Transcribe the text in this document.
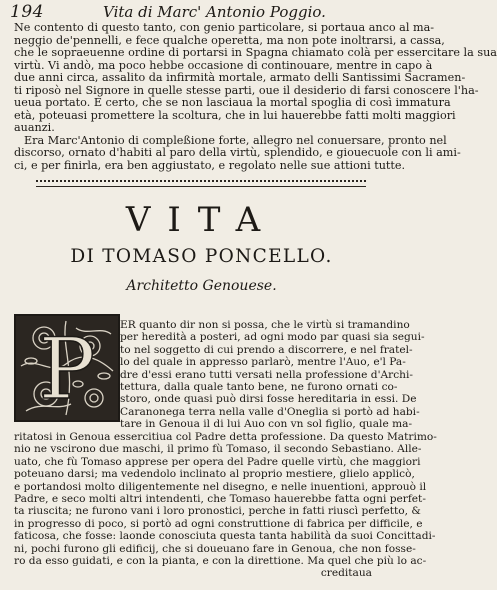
194	Vita di Marc' Antonio Poggio.
Ne contento di questo tanto, con genio particolare, si portaua anco al ma-
neggio de'pennelli, e fece qualche operetta, ma non pote inoltrarsi, a cassa,
che le sopraeuenne ordine di portarsi in Spagna chiamato colà per essercitare la sua
virtù. Vi andò, ma poco hebbe occasione di continouare, mentre in capo à
due anni circa, assalito da infirmità mortale, armato delli Santissimi Sacramen-
ti riposò nel Signore in quelle stesse parti, oue il desiderio di farsi conoscere l'ha-
ueua portato. E certo, che se non lasciaua la mortal spoglia di così immatura
età, poteuasi promettere la scoltura, che in lui hauerebbe fatti molti maggiori
auanzi.
Era Marc'Antonio di compleßione forte, allegro nel conuersare, pronto nel
discorso, ornato d'habiti al paro della virtù, splendido, e giouecuole con li ami-
ci, e per finirla, era ben aggiustato, e regolato nelle sue attioni tutte.
VITA
DI TOMASO PONCELLO.
Architetto Genouese.
P ER quanto dir non si possa, che le virtù si tramandino
per heredità a posteri, ad ogni modo par quasi sia segui-
to nel soggetto di cui prendo a discorrere, e nel fratel-
lo del quale in appresso parlarò, mentre l'Auo, e'l Pa-
dre d'essi erano tutti versati nella professione d'Archi-
tettura, dalla quale tanto bene, ne furono ornati co-
storo, onde quasi può dirsi fosse hereditaria in essi. De
Caranonega terra nella valle d'Oneglia si portò ad habi-
tare in Genoua il di lui Auo con vn sol figlio, quale ma-
ritatosi in Genoua essercitiua col Padre detta professione. Da questo Matrimo-
nio ne vscirono due maschi, il primo fù Tomaso, il secondo Sebastiano. Alle-
uato, che fù Tomaso apprese per opera del Padre quelle virtù, che maggiori
poteuano darsi; ma vedendolo inclinato al proprio mestiere, glielo applicò,
e portandosi molto diligentemente nel disegno, e nelle inuentioni, approuò il
Padre, e seco molti altri intendenti, che Tomaso hauerebbe fatta ogni perfet-
ta riuscita; ne furono vani i loro pronostici, perche in fatti riuscì perfetto, &
in progresso di poco, si portò ad ogni construttione di fabrica per difficile, e
faticosa, che fosse: laonde conosciuta questa tanta habilità da suoi Concittadi-
ni, pochi furono gli edificij, che si doueuano fare in Genoua, che non fosse-
ro da esso guidati, e con la pianta, e con la direttione. Ma quel che più lo ac-
creditaua
